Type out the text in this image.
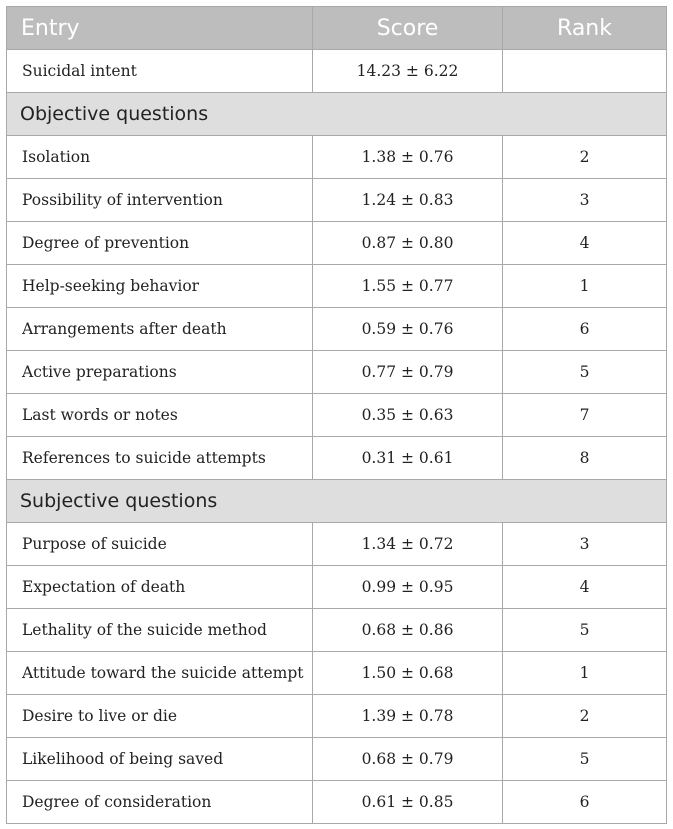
Entry	Score	Rank
Suicidal intent	14.23 ± 6.22	
Objective questions		
Isolation	1.38 ± 0.76	2
Possibility of intervention	1.24 ± 0.83	3
Degree of prevention	0.87 ± 0.80	4
Help-seeking behavior	1.55 ± 0.77	1
Arrangements after death	0.59 ± 0.76	6
Active preparations	0.77 ± 0.79	5
Last words or notes	0.35 ± 0.63	7
References to suicide attempts	0.31 ± 0.61	8
Subjective questions		
Purpose of suicide	1.34 ± 0.72	3
Expectation of death	0.99 ± 0.95	4
Lethality of the suicide method	0.68 ± 0.86	5
Attitude toward the suicide attempt	1.50 ± 0.68	1
Desire to live or die	1.39 ± 0.78	2
Likelihood of being saved	0.68 ± 0.79	5
Degree of consideration	0.61 ± 0.85	6
